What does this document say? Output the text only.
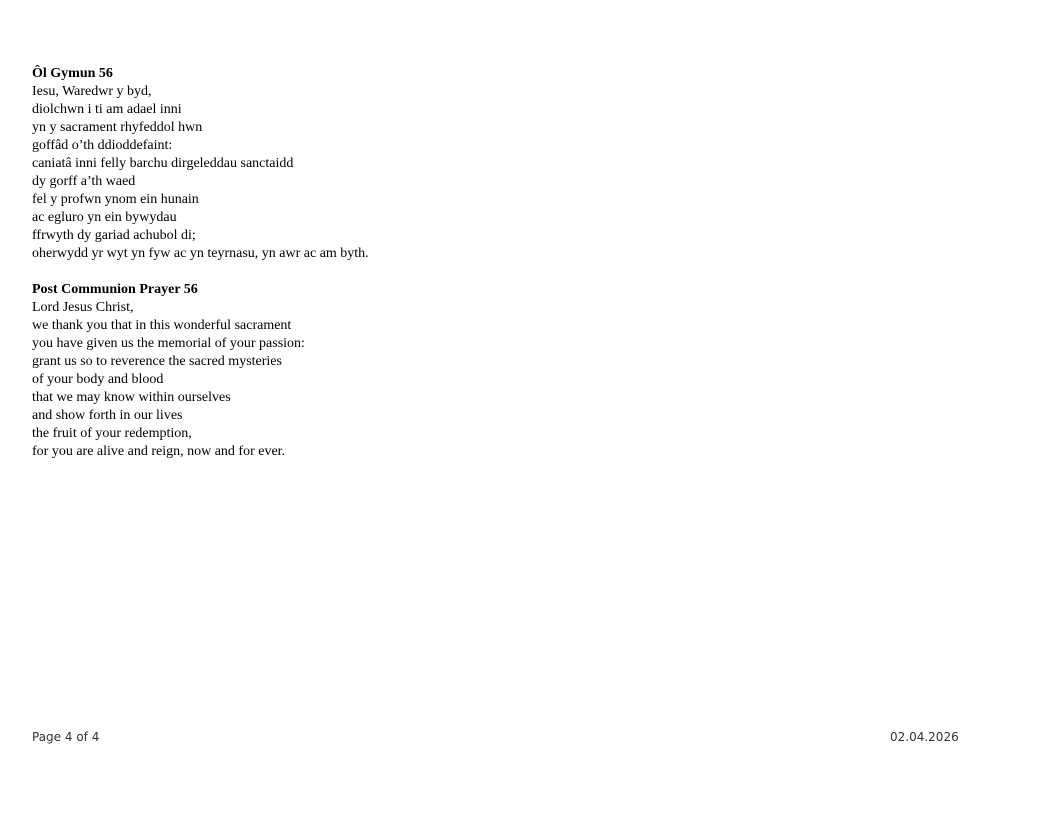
Ôl Gymun 56
Iesu, Waredwr y byd,
diolchwn i ti am adael inni
yn y sacrament rhyfeddol hwn
goffâd o’th ddioddefaint:
caniatâ inni felly barchu dirgeleddau sanctaidd
dy gorff a’th waed
fel y profwn ynom ein hunain
ac egluro yn ein bywydau
ffrwyth dy gariad achubol di;
oherwydd yr wyt yn fyw ac yn teyrnasu, yn awr ac am byth.
Post Communion Prayer 56
Lord Jesus Christ,
we thank you that in this wonderful sacrament
you have given us the memorial of your passion:
grant us so to reverence the sacred mysteries
of your body and blood
that we may know within ourselves
and show forth in our lives
the fruit of your redemption,
for you are alive and reign, now and for ever.
Page 4 of 4	02.04.2026
